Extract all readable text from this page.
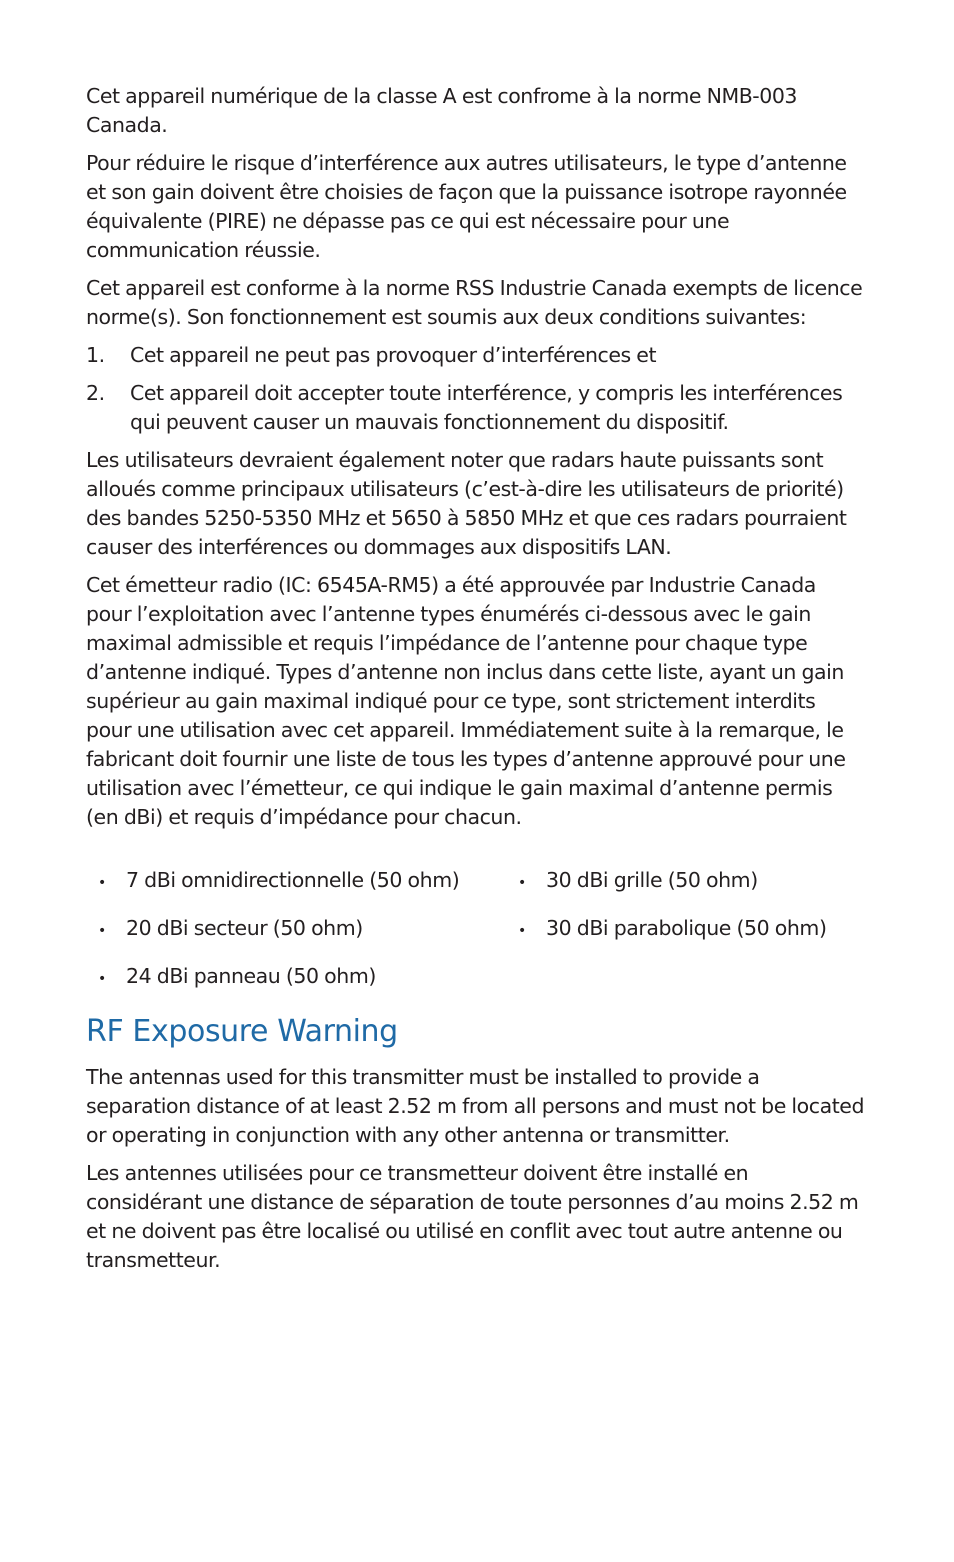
Cet appareil numérique de la classe A est confrome à la norme NMB-003 Canada.

Pour réduire le risque d’interférence aux autres utilisateurs, le type d’antenne et son gain doivent être choisies de façon que la puissance isotrope rayonnée équivalente (PIRE) ne dépasse pas ce qui est nécessaire pour une communication réussie.

Cet appareil est conforme à la norme RSS Industrie Canada exempts de licence norme(s). Son fonctionnement est soumis aux deux conditions suivantes:

1.	Cet appareil ne peut pas provoquer d’interférences et
2.	Cet appareil doit accepter toute interférence, y compris les interférences qui peuvent causer un mauvais fonctionnement du dispositif.

Les utilisateurs devraient également noter que radars haute puissants sont alloués comme principaux utilisateurs (c’est-à-dire les utilisateurs de priorité) des bandes 5250-5350 MHz et 5650 à 5850 MHz et que ces radars pourraient causer des interférences ou dommages aux dispositifs LAN.

Cet émetteur radio (IC: 6545A-RM5) a été approuvée par Industrie Canada pour l’exploitation avec l’antenne types énumérés ci-dessous avec le gain maximal admissible et requis l’impédance de l’antenne pour chaque type d’antenne indiqué. Types d’antenne non inclus dans cette liste, ayant un gain supérieur au gain maximal indiqué pour ce type, sont strictement interdits pour une utilisation avec cet appareil. Immédiatement suite à la remarque, le fabricant doit fournir une liste de tous les types d’antenne approuvé pour une utilisation avec l’émetteur, ce qui indique le gain maximal d’antenne permis (en dBi) et requis d’impédance pour chacun.

• 7 dBi omnidirectionnelle (50 ohm)	• 30 dBi grille (50 ohm)
• 20 dBi secteur (50 ohm)	• 30 dBi parabolique (50 ohm)
• 24 dBi panneau (50 ohm)
RF Exposure Warning

The antennas used for this transmitter must be installed to provide a separation distance of at least 2.52 m from all persons and must not be located or operating in conjunction with any other antenna or transmitter.

Les antennes utilisées pour ce transmetteur doivent être installé en considérant une distance de séparation de toute personnes d’au moins 2.52 m et ne doivent pas être localisé ou utilisé en conflit avec tout autre antenne ou transmetteur.
